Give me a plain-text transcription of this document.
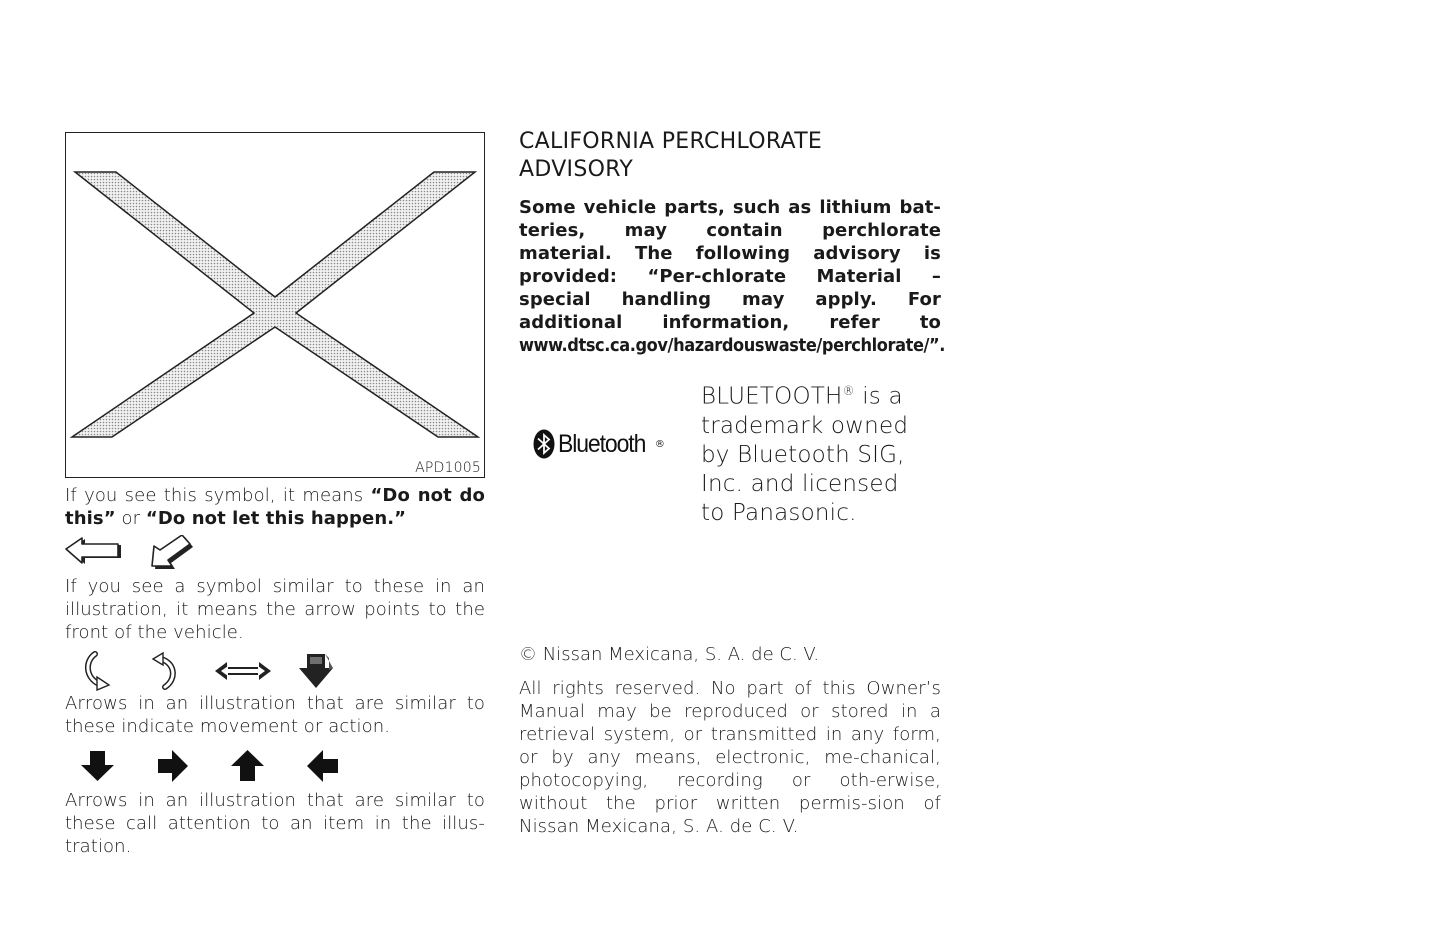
APD1005

If you see this symbol, it means “Do not do this” or “Do not let this happen.”

If you see a symbol similar to these in an illustration, it means the arrow points to the front of the vehicle.

Arrows in an illustration that are similar to these indicate movement or action.

Arrows in an illustration that are similar to these call attention to an item in the illus-tration.

CALIFORNIA PERCHLORATE
ADVISORY

Some vehicle parts, such as lithium bat-teries, may contain perchlorate material. The following advisory is provided: “Per-chlorate Material – special handling may apply. For additional information, refer to www.dtsc.ca.gov/hazardouswaste/perchlorate/”.

Bluetooth ®
BLUETOOTH® is a
trademark owned
by Bluetooth SIG,
Inc. and licensed
to Panasonic.

© Nissan Mexicana, S. A. de C. V.

All rights reserved. No part of this Owner’s Manual may be reproduced or stored in a retrieval system, or transmitted in any form, or by any means, electronic, me-chanical, photocopying, recording or oth-erwise, without the prior written permis-sion of Nissan Mexicana, S. A. de C. V.
